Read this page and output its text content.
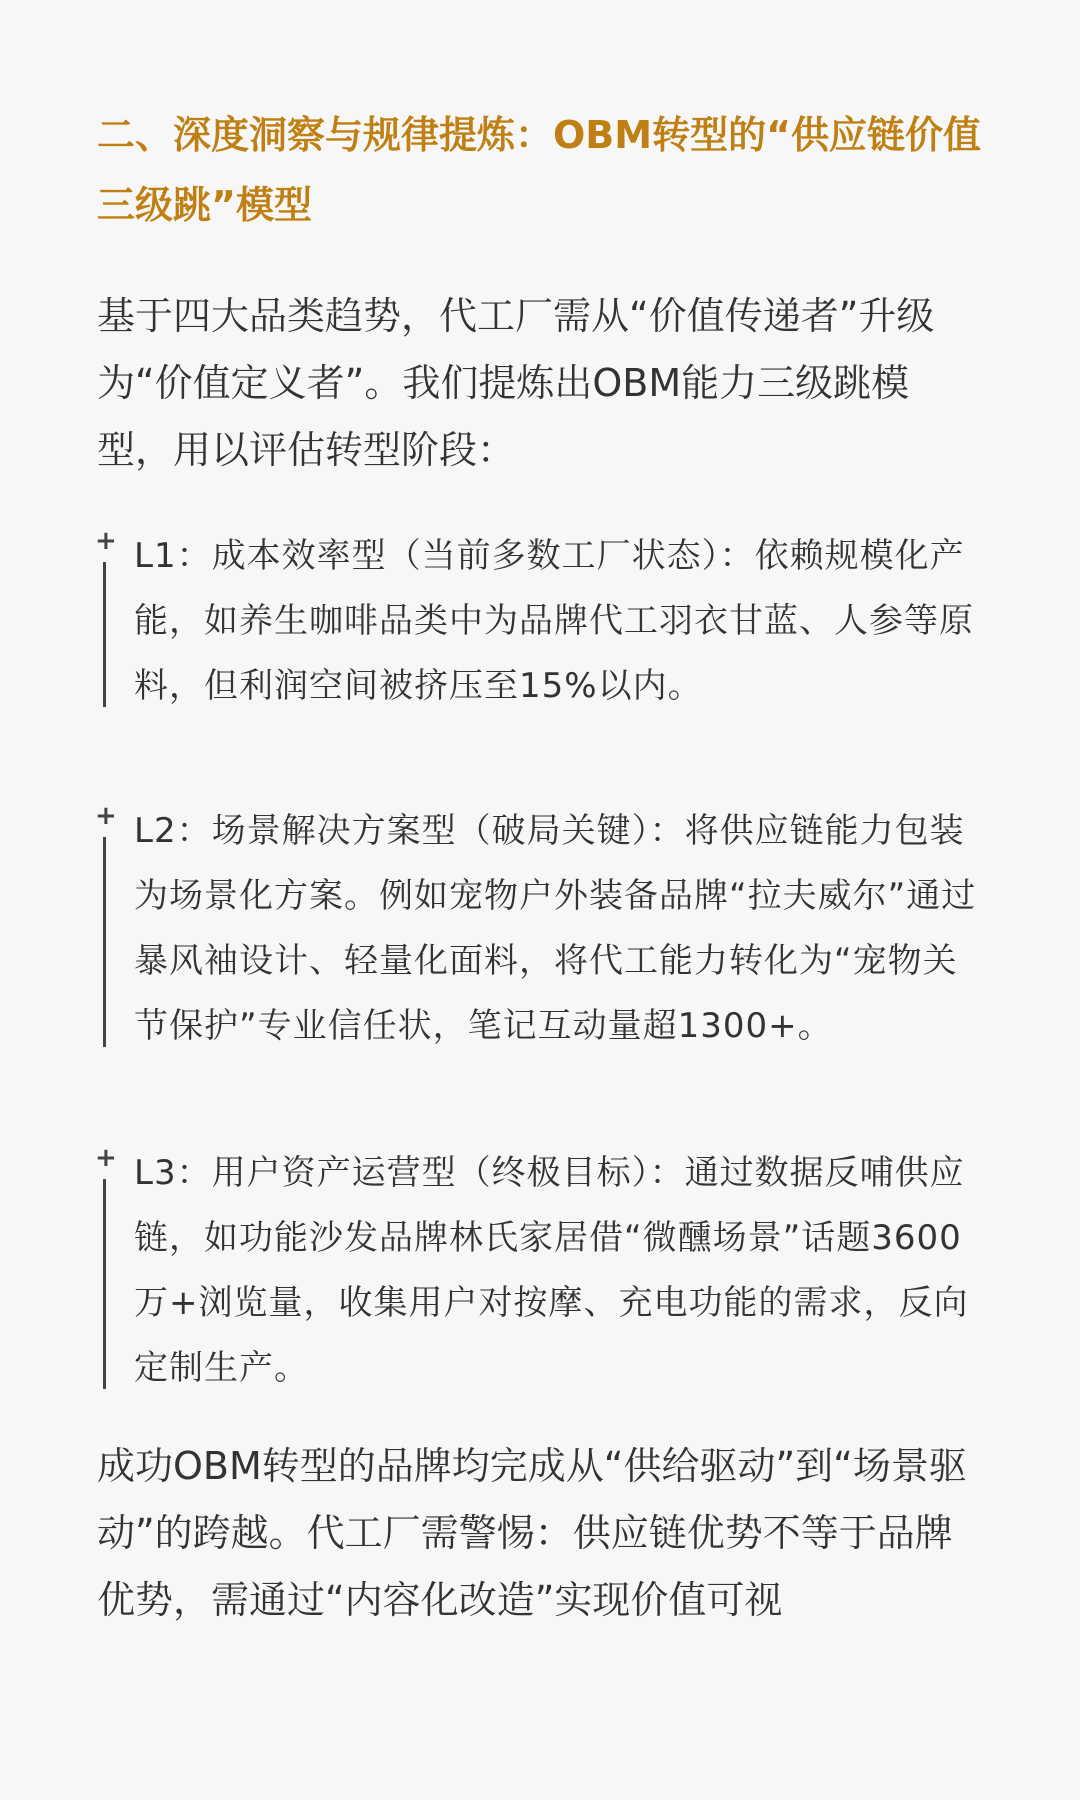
二、深度洞察与规律提炼：OBM转型的“供应链价值三级跳”模型

基于四大品类趋势，代工厂需从“价值传递者”升级为“价值定义者”。我们提炼出OBM能力三级跳模型，用以评估转型阶段：

+ L1：成本效率型（当前多数工厂状态）：依赖规模化产能，如养生咖啡品类中为品牌代工羽衣甘蓝、人参等原料，但利润空间被挤压至15%以内。
+ L2：场景解决方案型（破局关键）：将供应链能力包装为场景化方案。例如宠物户外装备品牌“拉夫威尔”通过暴风袖设计、轻量化面料，将代工能力转化为“宠物关节保护”专业信任状，笔记互动量超1300+。
+ L3：用户资产运营型（终极目标）：通过数据反哺供应链，如功能沙发品牌林氏家居借“微醺场景”话题3600万+浏览量，收集用户对按摩、充电功能的需求，反向定制生产。

成功OBM转型的品牌均完成从“供给驱动”到“场景驱动”的跨越。代工厂需警惕：供应链优势不等于品牌优势，需通过“内容化改造”实现价值可视
